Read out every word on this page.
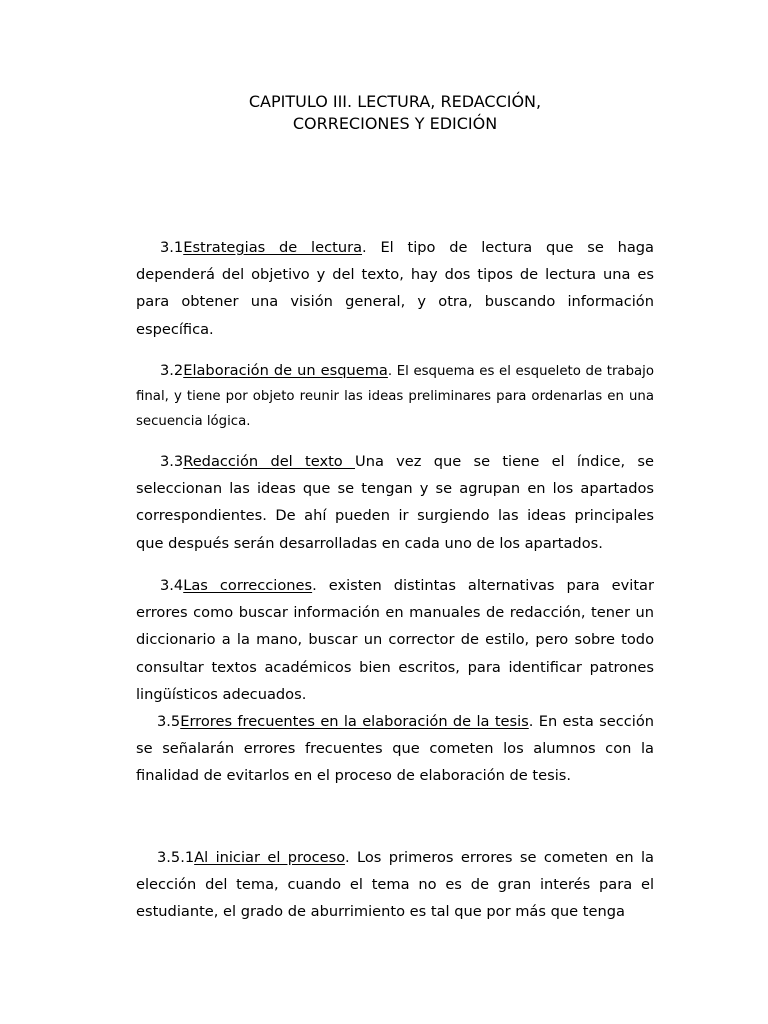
CAPITULO III. LECTURA, REDACCIÓN,
CORRECIONES Y EDICIÓN

3.1Estrategias de lectura. El tipo de lectura que se haga dependerá del objetivo y del texto, hay dos tipos de lectura una es para obtener una visión general, y otra, buscando información específica.

3.2Elaboración de un esquema. El esquema es el esqueleto de trabajo final, y tiene por objeto reunir las ideas preliminares para ordenarlas en una secuencia lógica.

3.3Redacción del texto Una vez que se tiene el índice, se seleccionan las ideas que se tengan y se agrupan en los apartados correspondientes. De ahí pueden ir surgiendo las ideas principales que después serán desarrolladas en cada uno de los apartados.

3.4Las correcciones. existen distintas alternativas para evitar errores como buscar información en manuales de redacción, tener un diccionario a la mano, buscar un corrector de estilo, pero sobre todo consultar textos académicos bien escritos, para identificar patrones lingüísticos adecuados.

3.5Errores frecuentes en la elaboración de la tesis. En esta sección se señalarán errores frecuentes que cometen los alumnos con la finalidad de evitarlos en el proceso de elaboración de tesis.

3.5.1Al iniciar el proceso. Los primeros errores se cometen en la elección del tema, cuando el tema no es de gran interés para el estudiante, el grado de aburrimiento es tal que por más que tenga
